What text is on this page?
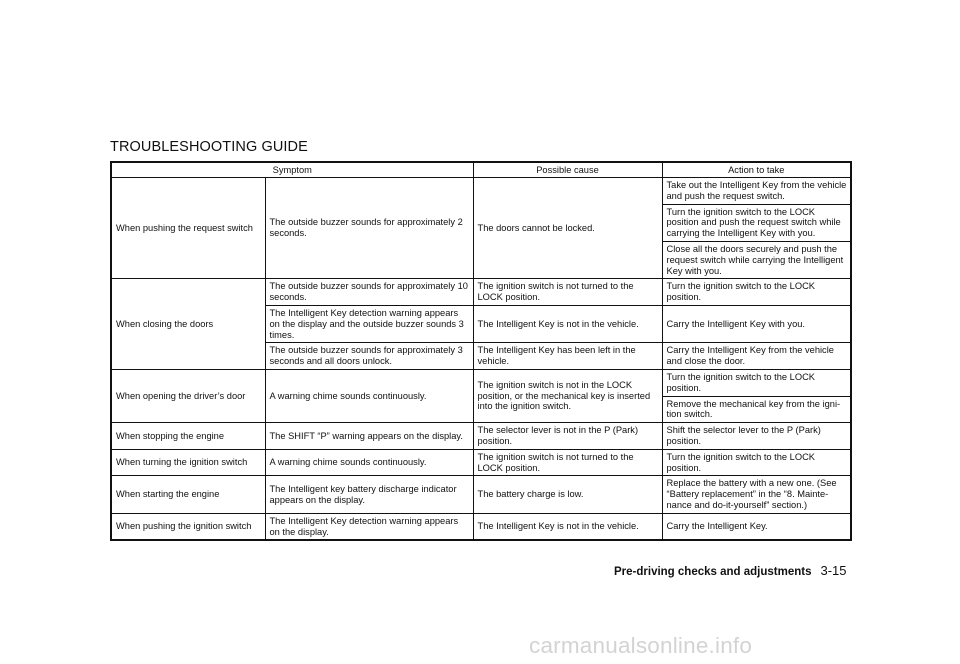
TROUBLESHOOTING GUIDE
Symptom		Possible cause	Action to take
When pushing the request switch	The outside buzzer sounds for approximately 2 seconds.	The doors cannot be locked.	Take out the Intelligent Key from the vehicle and push the request switch.
			Turn the ignition switch to the LOCK position and push the request switch while carrying the Intelligent Key with you.
			Close all the doors securely and push the request switch while carrying the Intelligent Key with you.
When closing the doors	The outside buzzer sounds for approximately 10 seconds.	The ignition switch is not turned to the LOCK position.	Turn the ignition switch to the LOCK position.
	The Intelligent Key detection warning appears on the display and the outside buzzer sounds 3 times.	The Intelligent Key is not in the vehicle.	Carry the Intelligent Key with you.
	The outside buzzer sounds for approximately 3 seconds and all doors unlock.	The Intelligent Key has been left in the vehicle.	Carry the Intelligent Key from the vehicle and close the door.
When opening the driver’s door	A warning chime sounds continuously.	The ignition switch is not in the LOCK position, or the mechanical key is inserted into the ignition switch.	Turn the ignition switch to the LOCK position.
			Remove the mechanical key from the igni- tion switch.
When stopping the engine	The SHIFT “P” warning appears on the display.	The selector lever is not in the P (Park) position.	Shift the selector lever to the P (Park) position.
When turning the ignition switch	A warning chime sounds continuously.	The ignition switch is not turned to the LOCK position.	Turn the ignition switch to the LOCK position.
When starting the engine	The Intelligent key battery discharge indicator appears on the display.	The battery charge is low.	Replace the battery with a new one. (See “Battery replacement” in the “8. Mainte- nance and do-it-yourself” section.)
When pushing the ignition switch	The Intelligent Key detection warning appears on the display.	The Intelligent Key is not in the vehicle.	Carry the Intelligent Key.
Pre-driving checks and adjustments 3-15
carmanualsonline.info
